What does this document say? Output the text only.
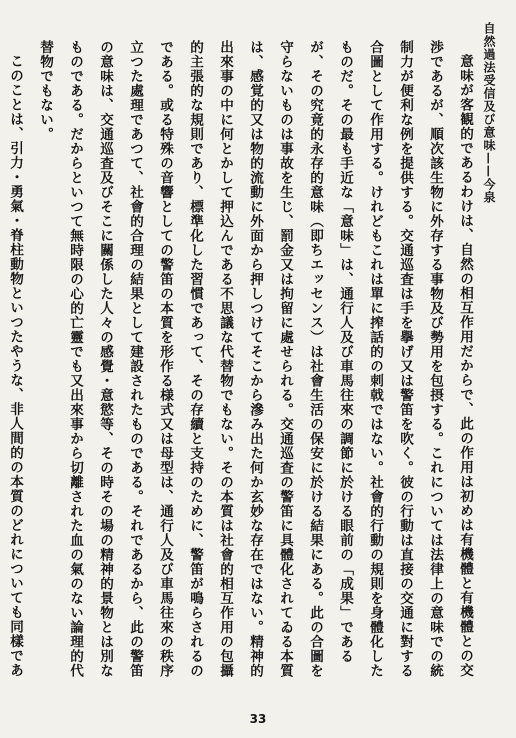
自然過法受信及び意味——今泉

意味が客観的であるわけは、自然の相互作用だからで、此の作用は初めは有機體と有機體との交渉であるが、順次該生物に外存する事物及び勢用を包摂する。これについては法律上の意味での統制力が便利な例を提供する。交通巡査は手を擧げ又は警笛を吹く。彼の行動は直接の交通に對する合圖として作用する。けれどもこれは單に搾話的の刺戟ではない。社會的行動の規則を身體化したものだ。その最も手近な「意味」は、通行人及び車馬往來の調節に於ける眼前の「成果」であるが、その究竟的永存的意味（即ちエッセンス）は社會生活の保安に於ける結果にある。此の合圖を守らないものは事故を生じ、罰金又は拘留に處せられる。交通巡査の警笛に具體化されてゐる本質は、感覚的又は物的流動に外面から押しつけてそこから滲み出た何か玄妙な存在ではない。精神的出來事の中に何とかして押込んである不思議な代替物でもない。その本質は社會的相互作用の包攝的主張的な規則であり、標準化した習慣であって、その存續と支持のために、警笛が鳴らされるのである。或る特殊の音響としての警笛の本質を形作る様式又は母型は、通行人及び車馬往來の秩序立つた處理であつて、社會的合理の結果として建設されたものである。それであるから、此の警笛の意味は、交通巡査及びそこに關係した人々の感覺・意慾等、その時その場の精神的景物とは別なものである。だからといつて無時限の心的亡靈でも又出來事から切離された血の氣のない論理的代替物でもない。

このことは、引力・勇氣・脊柱動物といつたやうな、非人間的の本質のどれについても同樣であ

33
